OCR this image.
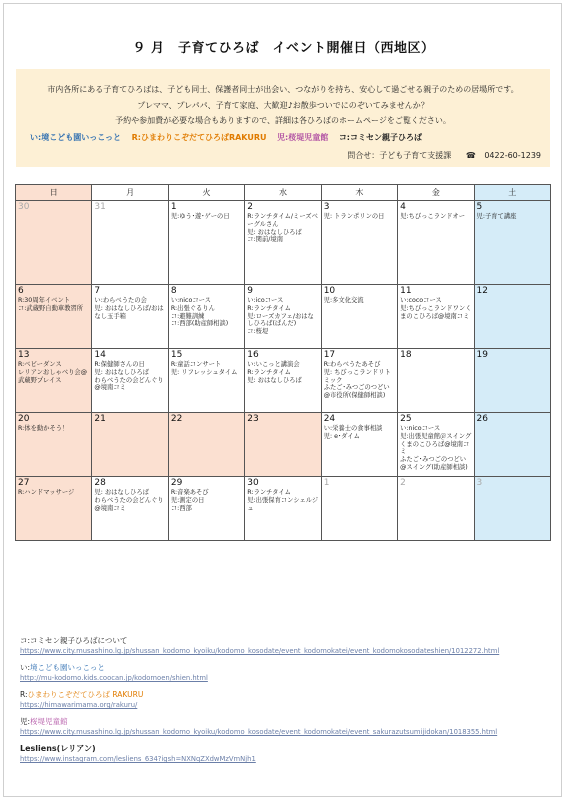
９ 月　子育てひろば　イベント開催日（西地区）
市内各所にある子育てひろばは、子ども同士、保護者同士が出会い、つながりを持ち、安心して過ごせる親子のための居場所です。
プレママ、プレパパ、子育て家庭、大歓迎♪お散歩ついでにのぞいてみませんか？
予約や参加費が必要な場合もありますので、詳細は各ひろばのホームページをご覧ください。
い:境こども園いっこっと R:ひまわりこぞだてひろばRAKURU 児:桜堤児童館 コ:コミセン親子ひろば
問合せ：子ども子育て支援課 ☎ 0422-60-1239
日	月	火	水	木	金	土

30	31	1
児:ゆう･遊･ゲーの日	2
R:ランチタイム/ミーズベーグルさん
児: おはなしひろば
コ:関前/境南	3
児: トランポリンの日	4
児:ちびっこランドオー	5
児:子育て講座

6
R:30周年イベント
コ:武蔵野自動車教習所	7
い:わらべうたの会
児: おはなしひろば/おはなし玉手箱	8
い:nicoコース
R:出張ぐるりん
コ:避難訓練
コ:西部(助産師相談)	9
い:icoコース
R:ランチタイム
児:ローズカフェ/おはなしひろば(ぱんだ)
コ:桜堤	10
児:多文化交流	11
い:cocoコース
児:ちびっこランドワンくまのこひろば@境南コミ	12

13
R:ベビーダンス
レリアンおしゃべり会@武蔵野プレイス	14
R:保健師さんの日
児: おはなしひろば
わらべうたの会どんぐり@境南コミ	15
R:童話コンサート
児: リフレッシュタイム	16
い:いこっと講演会
R:ランチタイム
児: おはなしひろば	17
R:わらべうたあそび
児: ちびっこランドリトミック
ふたご･みつごのつどい@市役所(保健師相談)	18	19

20
R:体を動かそう！	21	22	23	24
い:栄養士の食事相談
児: e･ダイム	25
い:nicoコース
児:出張児童館＠スイングくまのこひろば@境南コミ
ふたご･みつごのつどい@スイング(助産師相談)	26

27
R:ハンドマッサージ	28
児: おはなしひろば
わらべうたの会どんぐり@境南コミ	29
R:音楽あそび
児:測定の日
コ:西部	30
R:ランチタイム
児:出張保育コンシェルジュ	1	2	3
コ:コミセン親子ひろばについて
https://www.city.musashino.lg.jp/shussan_kodomo_kyoiku/kodomo_kosodate/event_kodomokatei/event_kodomokosodateshien/1012272.html
い:境こども園いっこっと
http://mu-kodomo.kids.coocan.jp/kodomoen/shien.html
R:ひまわりこぞだてひろば RAKURU
https://himawarimama.org/rakuru/
児:桜堤児童館
https://www.city.musashino.lg.jp/shussan_kodomo_kyoiku/kodomo_kosodate/event_kodomokatei/event_sakurazutsumijidokan/1018355.html
Lesliens(レリアン)
https://www.instagram.com/lesliens_634?igsh=NXNqZXdwMzVmNjh1
